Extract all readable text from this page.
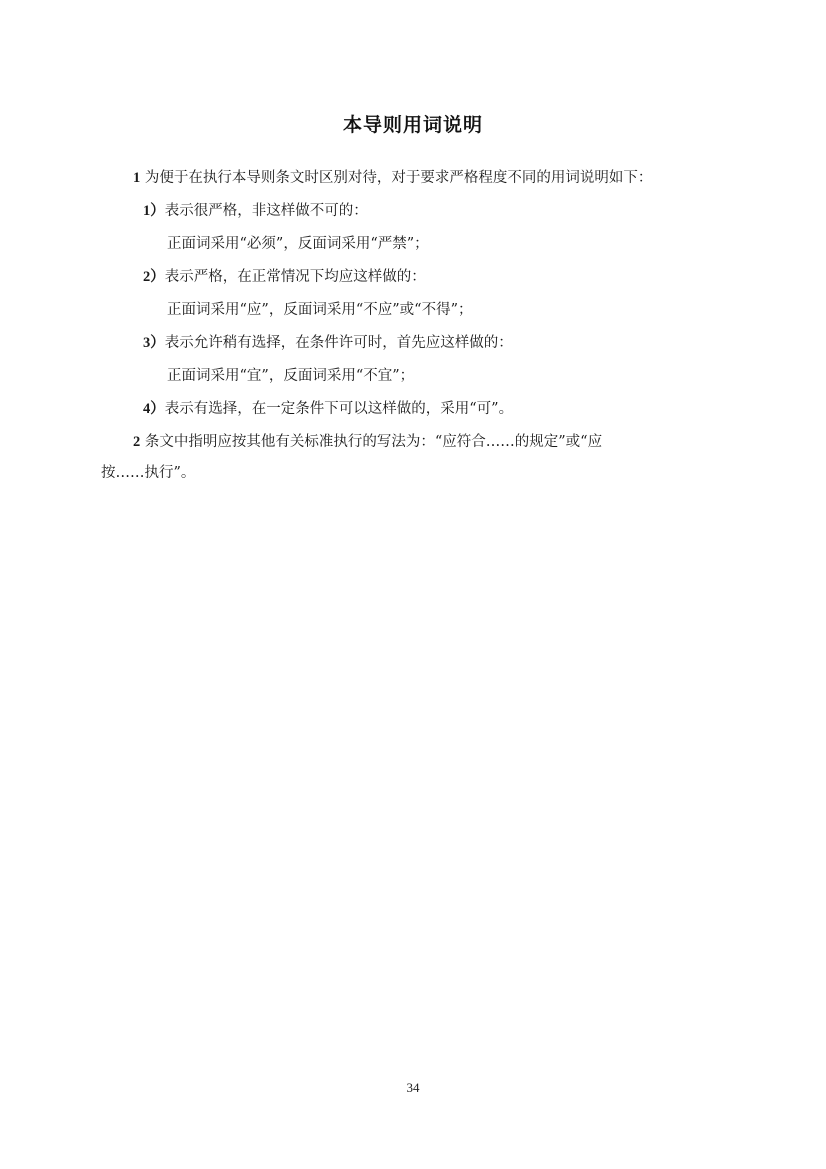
本导则用词说明
1 为便于在执行本导则条文时区别对待，对于要求严格程度不同的用词说明如下：
1）表示很严格，非这样做不可的：
正面词采用“必须”，反面词采用“严禁”；
2）表示严格，在正常情况下均应这样做的：
正面词采用“应”，反面词采用“不应”或“不得”；
3）表示允许稍有选择，在条件许可时，首先应这样做的：
正面词采用“宜”，反面词采用“不宜”；
4）表示有选择，在一定条件下可以这样做的，采用“可”。
2 条文中指明应按其他有关标准执行的写法为：“应符合……的规定”或“应
按……执行”。
34
